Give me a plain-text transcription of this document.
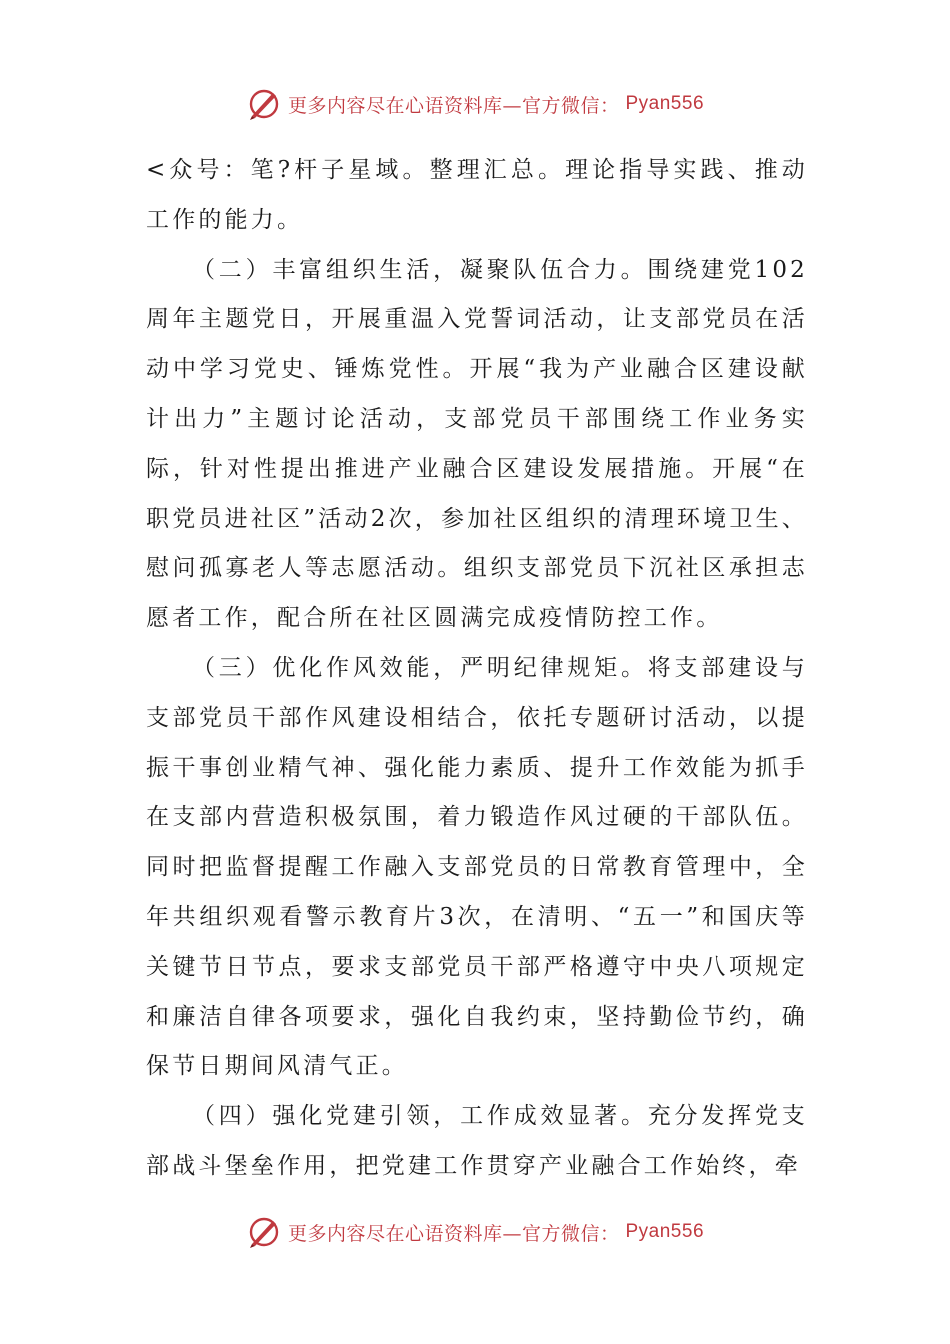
更多内容尽在心语资料库—官方微信： Pyan556

<众号：笔?杆子星域。整理汇总。理论指导实践、推动工作的能力。

（二）丰富组织生活，凝聚队伍合力。围绕建党102周年主题党日，开展重温入党誓词活动，让支部党员在活动中学习党史、锤炼党性。开展“我为产业融合区建设献计出力”主题讨论活动，支部党员干部围绕工作业务实际，针对性提出推进产业融合区建设发展措施。开展“在职党员进社区”活动2次，参加社区组织的清理环境卫生、慰问孤寡老人等志愿活动。组织支部党员下沉社区承担志愿者工作，配合所在社区圆满完成疫情防控工作。

（三）优化作风效能，严明纪律规矩。将支部建设与支部党员干部作风建设相结合，依托专题研讨活动，以提振干事创业精气神、强化能力素质、提升工作效能为抓手在支部内营造积极氛围，着力锻造作风过硬的干部队伍。同时把监督提醒工作融入支部党员的日常教育管理中，全年共组织观看警示教育片3次，在清明、“五一”和国庆等关键节日节点，要求支部党员干部严格遵守中央八项规定和廉洁自律各项要求，强化自我约束，坚持勤俭节约，确保节日期间风清气正。

（四）强化党建引领，工作成效显著。充分发挥党支部战斗堡垒作用，把党建工作贯穿产业融合工作始终，牵

更多内容尽在心语资料库—官方微信： Pyan556
